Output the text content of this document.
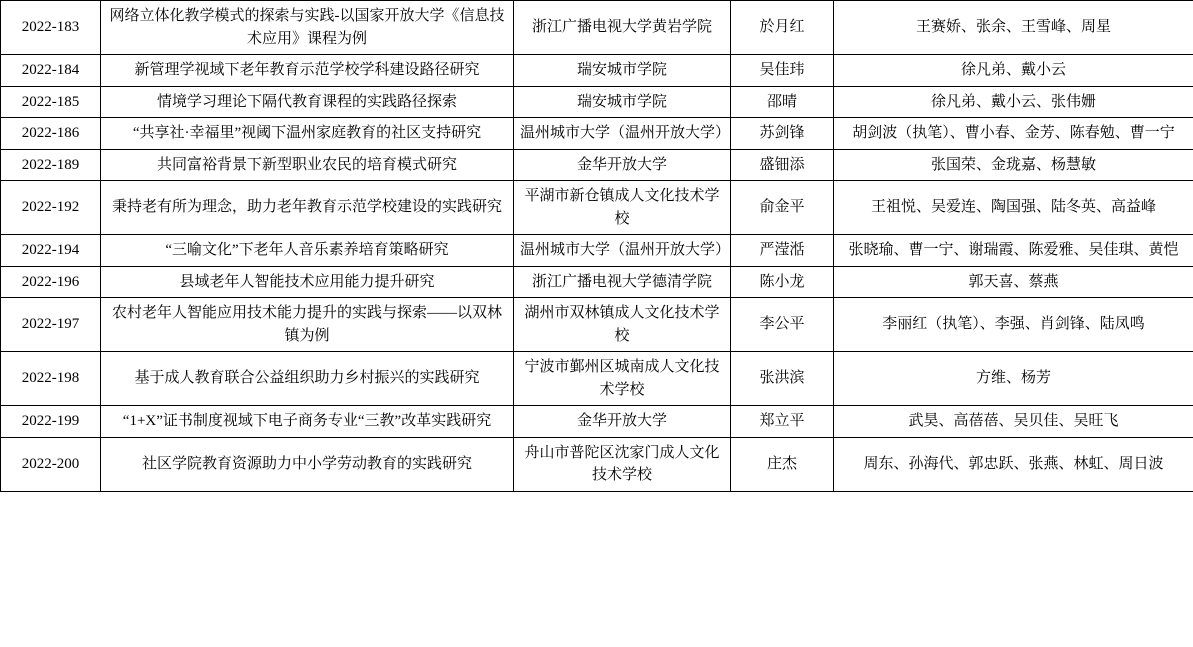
2022-183	网络立体化教学模式的探索与实践-以国家开放大学《信息技术应用》课程为例	浙江广播电视大学黄岩学院	於月红	王赛娇、张余、王雪峰、周星
2022-184	新管理学视域下老年教育示范学校学科建设路径研究	瑞安城市学院	吴佳玮	徐凡弟、戴小云
2022-185	情境学习理论下隔代教育课程的实践路径探索	瑞安城市学院	邵晴	徐凡弟、戴小云、张伟姗
2022-186	“共享社·幸福里”视阈下温州家庭教育的社区支持研究	温州城市大学（温州开放大学）	苏剑锋	胡剑波（执笔）、曹小春、金芳、陈春勉、曹一宁
2022-189	共同富裕背景下新型职业农民的培育模式研究	金华开放大学	盛钿添	张国荣、金珑嘉、杨慧敏
2022-192	秉持老有所为理念，助力老年教育示范学校建设的实践研究	平湖市新仓镇成人文化技术学校	俞金平	王祖悦、吴爱连、陶国强、陆冬英、高益峰
2022-194	“三喻文化”下老年人音乐素养培育策略研究	温州城市大学（温州开放大学）	严滢湉	张晓瑜、曹一宁、谢瑞霞、陈爱雅、吴佳琪、黄恺
2022-196	县域老年人智能技术应用能力提升研究	浙江广播电视大学德清学院	陈小龙	郭天喜、蔡燕
2022-197	农村老年人智能应用技术能力提升的实践与探索——以双林镇为例	湖州市双林镇成人文化技术学校	李公平	李丽红（执笔）、李强、肖剑锋、陆凤鸣
2022-198	基于成人教育联合公益组织助力乡村振兴的实践研究	宁波市鄞州区城南成人文化技术学校	张洪滨	方维、杨芳
2022-199	“1+X”证书制度视域下电子商务专业“三教”改革实践研究	金华开放大学	郑立平	武昊、高蓓蓓、吴贝佳、吴旺飞
2022-200	社区学院教育资源助力中小学劳动教育的实践研究	舟山市普陀区沈家门成人文化技术学校	庄杰	周东、孙海代、郭忠跃、张燕、林虹、周日波
